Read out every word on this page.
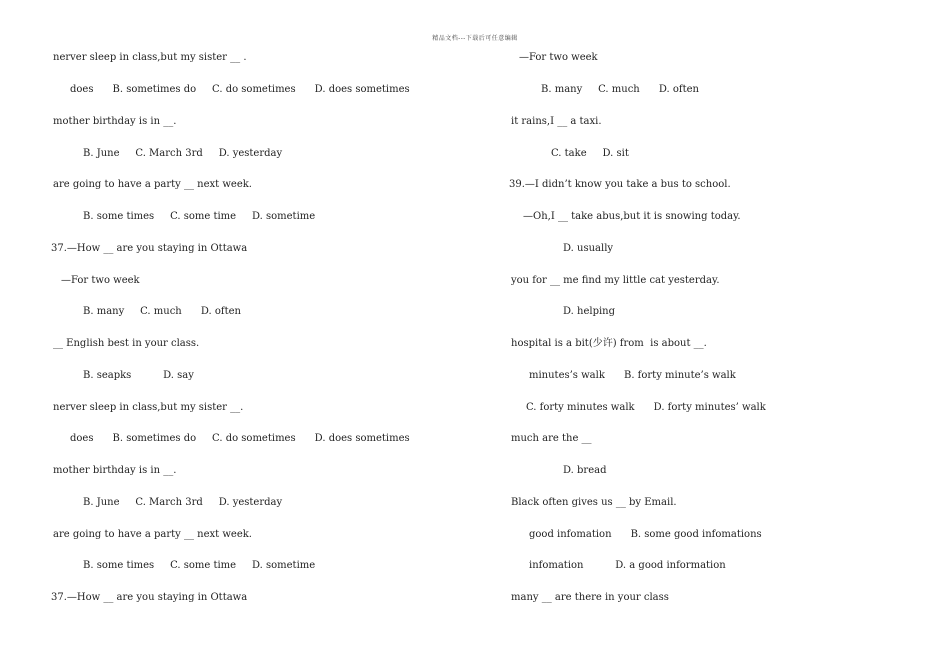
精品文档---下载后可任意编辑
nerver sleep in class,but my sister __ .
does      B. sometimes do     C. do sometimes      D. does sometimes
mother birthday is in __.
B. June     C. March 3rd     D. yesterday
are going to have a party __ next week.
B. some times     C. some time     D. sometime
37.—How __ are you staying in Ottawa
—For two week
B. many     C. much      D. often
__ English best in your class.
B. seapks          D. say
nerver sleep in class,but my sister __.
does      B. sometimes do     C. do sometimes      D. does sometimes
mother birthday is in __.
B. June     C. March 3rd     D. yesterday
are going to have a party __ next week.
B. some times     C. some time     D. sometime
37.—How __ are you staying in Ottawa
—For two week
B. many     C. much      D. often
it rains,I __ a taxi.
C. take     D. sit
39.—I didn’t know you take a bus to school.
—Oh,I __ take abus,but it is snowing today.
D. usually
you for __ me find my little cat yesterday.
D. helping
hospital is a bit(少许) from  is about __.
minutes’s walk      B. forty minute’s walk
C. forty minutes walk      D. forty minutes’ walk
much are the __
D. bread
Black often gives us __ by Email.
good infomation      B. some good infomations
infomation          D. a good information
many __ are there in your class
